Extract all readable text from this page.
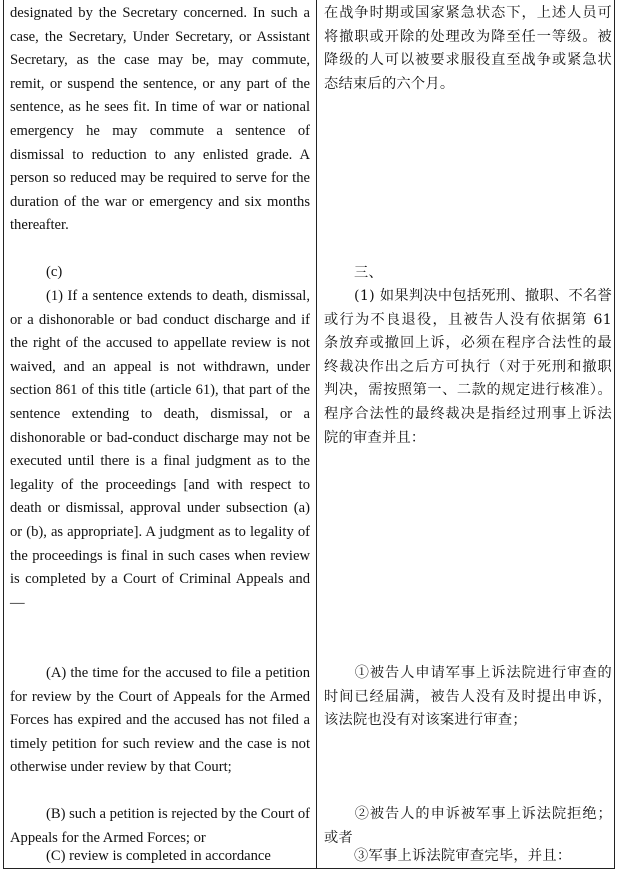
designated by the Secretary concerned. In such a case, the Secretary, Under Secretary, or Assistant Secretary, as the case may be, may commute, remit, or suspend the sentence, or any part of the sentence, as he sees fit. In time of war or national emergency he may commute a sentence of dismissal to reduction to any enlisted grade. A person so reduced may be required to serve for the duration of the war or emergency and six months thereafter.

(c)

(1) If a sentence extends to death, dismissal, or a dishonorable or bad conduct discharge and if the right of the accused to appellate review is not waived, and an appeal is not withdrawn, under section 861 of this title (article 61), that part of the sentence extending to death, dismissal, or a dishonorable or bad-conduct discharge may not be executed until there is a final judgment as to the legality of the proceedings [and with respect to death or dismissal, approval under subsection (a) or (b), as appropriate]. A judgment as to legality of the proceedings is final in such cases when review is completed by a Court of Criminal Appeals and—

(A) the time for the accused to file a petition for review by the Court of Appeals for the Armed Forces has expired and the accused has not filed a timely petition for such review and the case is not otherwise under review by that Court;

(B) such a petition is rejected by the Court of Appeals for the Armed Forces; or

(C) review is completed in accordance

在战争时期或国家紧急状态下，上述人员可将撤职或开除的处理改为降至任一等级。被降级的人可以被要求服役直至战争或紧急状态结束后的六个月。

三、

(1) 如果判决中包括死刑、撤职、不名誉或行为不良退役，且被告人没有依据第 61 条放弃或撤回上诉，必须在程序合法性的最终裁决作出之后方可执行（对于死刑和撤职判决，需按照第一、二款的规定进行核准）。程序合法性的最终裁决是指经过刑事上诉法院的审查并且：

①被告人申请军事上诉法院进行审查的时间已经届满，被告人没有及时提出申诉，该法院也没有对该案进行审查；

②被告人的申诉被军事上诉法院拒绝；或者

③军事上诉法院审查完毕，并且：
